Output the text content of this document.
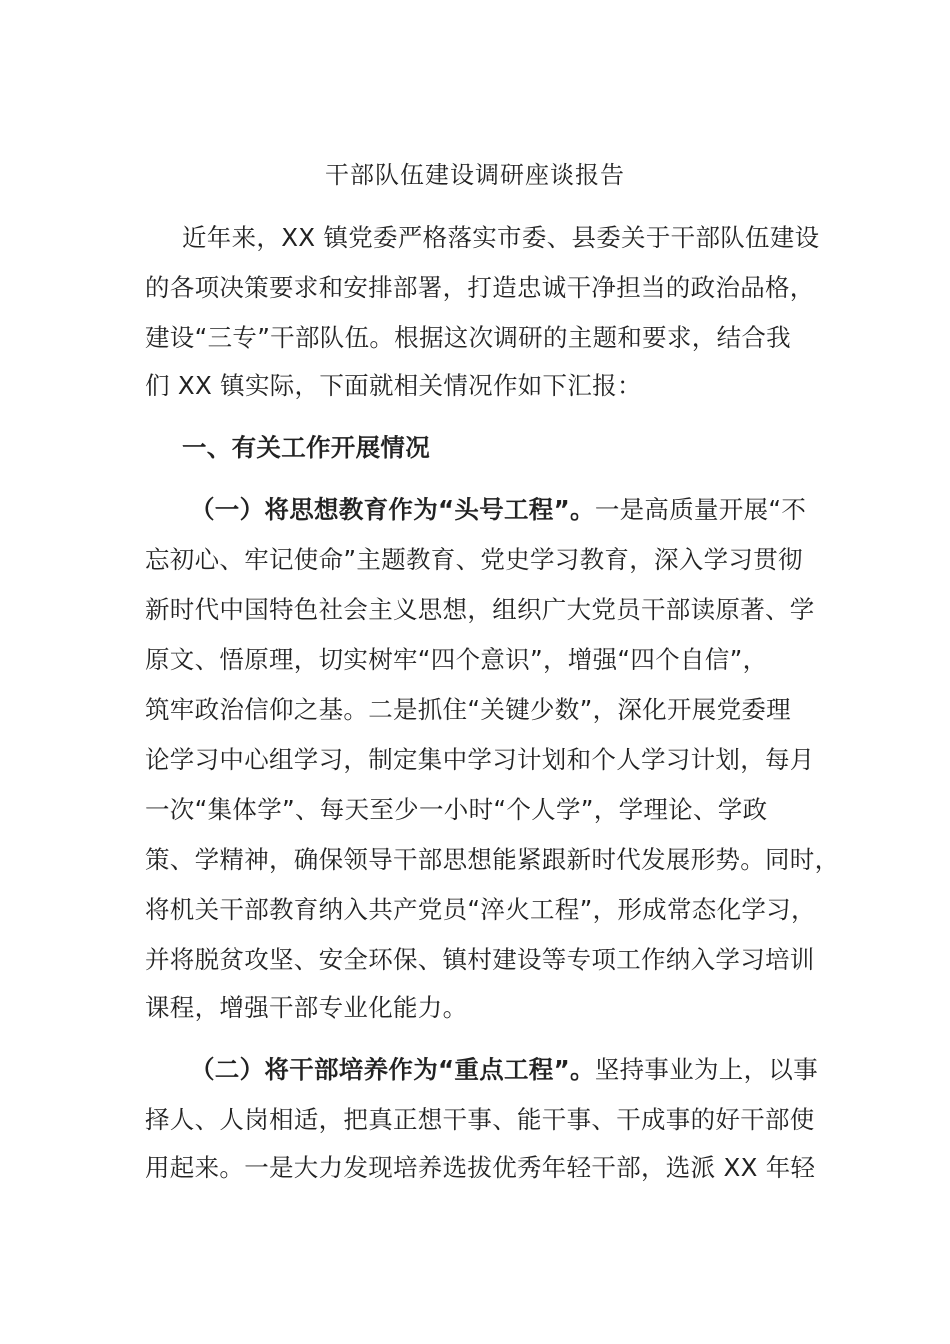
干部队伍建设调研座谈报告
近年来，XX 镇党委严格落实市委、县委关于干部队伍建设
的各项决策要求和安排部署，打造忠诚干净担当的政治品格，
建设“三专”干部队伍。根据这次调研的主题和要求，结合我
们 XX 镇实际，下面就相关情况作如下汇报：
一、有关工作开展情况
（一）将思想教育作为“头号工程”。一是高质量开展“不
忘初心、牢记使命”主题教育、党史学习教育，深入学习贯彻
新时代中国特色社会主义思想，组织广大党员干部读原著、学
原文、悟原理，切实树牢“四个意识”，增强“四个自信”，
筑牢政治信仰之基。二是抓住“关键少数”，深化开展党委理
论学习中心组学习，制定集中学习计划和个人学习计划，每月
一次“集体学”、每天至少一小时“个人学”，学理论、学政
策、学精神，确保领导干部思想能紧跟新时代发展形势。同时，
将机关干部教育纳入共产党员“淬火工程”，形成常态化学习，
并将脱贫攻坚、安全环保、镇村建设等专项工作纳入学习培训
课程，增强干部专业化能力。
（二）将干部培养作为“重点工程”。坚持事业为上，以事
择人、人岗相适，把真正想干事、能干事、干成事的好干部使
用起来。一是大力发现培养选拔优秀年轻干部，选派 XX 年轻
